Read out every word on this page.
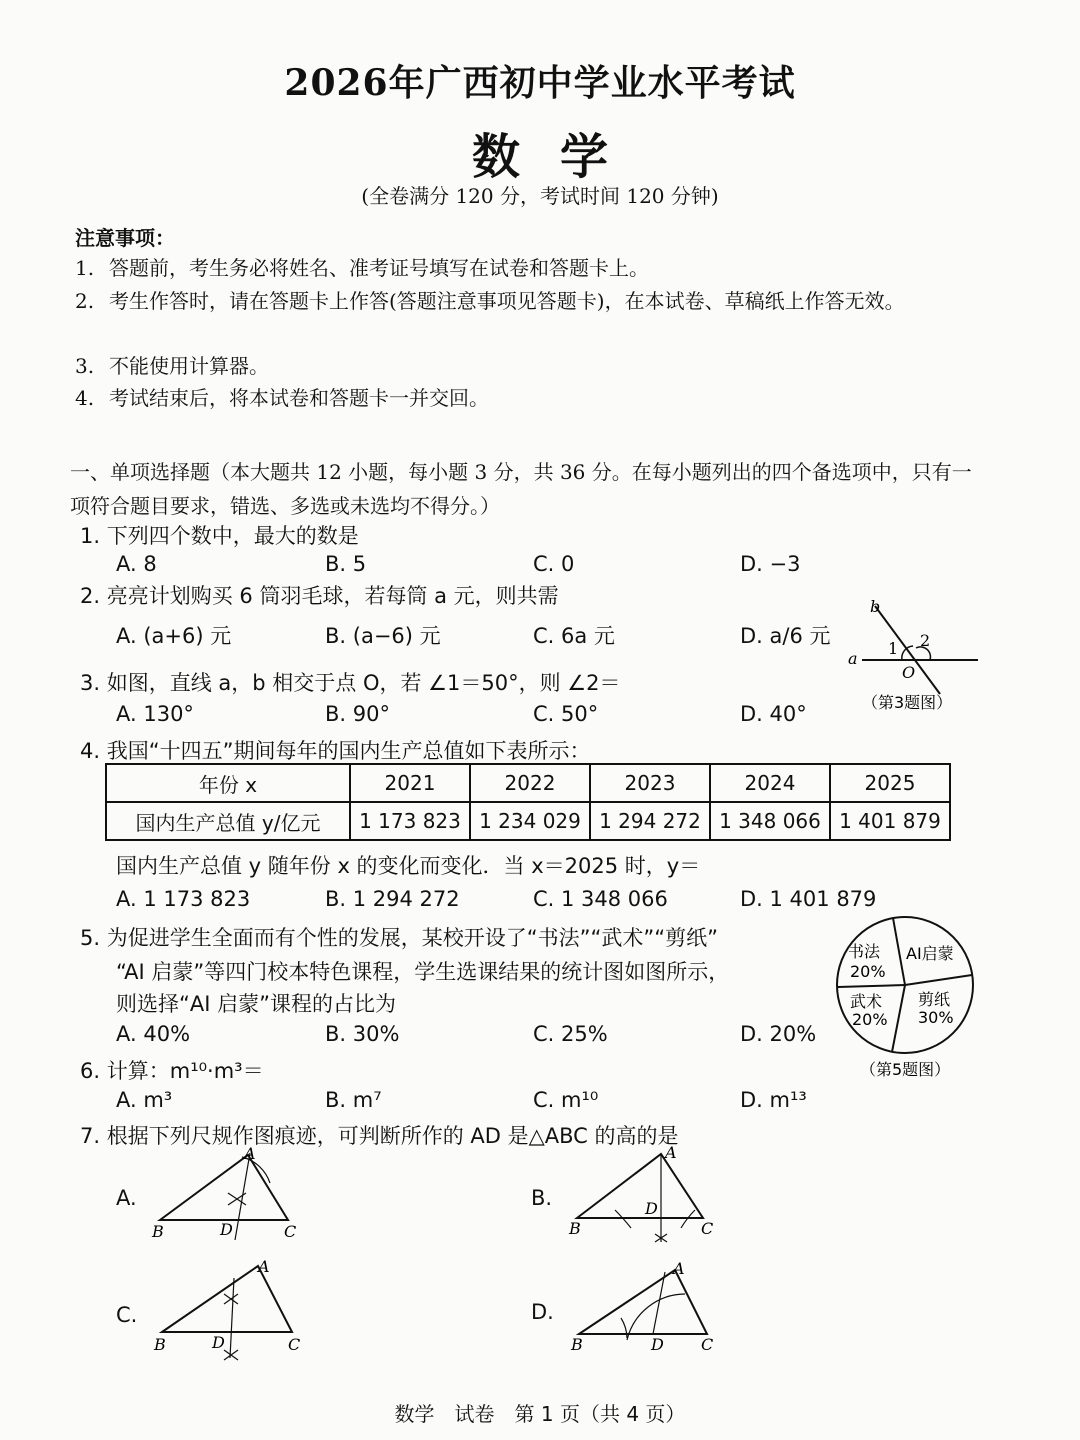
2026年广西初中学业水平考试
数学
(全卷满分 120 分，考试时间 120 分钟)
注意事项：
1. 答题前，考生务必将姓名、准考证号填写在试卷和答题卡上。
2. 考生作答时，请在答题卡上作答(答题注意事项见答题卡)，在本试卷、草稿纸上作答无效。
3. 不能使用计算器。
4. 考试结束后，将本试卷和答题卡一并交回。
一、单项选择题（本大题共 12 小题，每小题 3 分，共 36 分。在每小题列出的四个备选项中，只有一项符合题目要求，错选、多选或未选均不得分。）
1. 下列四个数中，最大的数是
A. 8	B. 5	C. 0	D. −3
2. 亮亮计划购买 6 筒羽毛球，若每筒 a 元，则共需
A. (a+6) 元	B. (a−6) 元	C. 6a 元	D. a/6 元
a
b
1 2
O
（第3题图）
3. 如图，直线 a，b 相交于点 O，若 ∠1＝50°，则 ∠2＝
A. 130°	B. 90°	C. 50°	D. 40°
4. 我国“十四五”期间每年的国内生产总值如下表所示：
年份 x	2021	2022	2023	2024	2025
国内生产总值 y/亿元	1 173 823	1 234 029	1 294 272	1 348 066	1 401 879
国内生产总值 y 随年份 x 的变化而变化．当 x＝2025 时，y＝
A. 1 173 823	B. 1 294 272	C. 1 348 066	D. 1 401 879
5. 为促进学生全面而有个性的发展，某校开设了“书法”“武术”“剪纸”
“AI 启蒙”等四门校本特色课程，学生选课结果的统计图如图所示，
则选择“AI 启蒙”课程的占比为
A. 40%	B. 30%	C. 25%	D. 20%
书法
20%
AI启蒙
武术
20%
剪纸
30%
（第5题图）
6. 计算：m¹⁰·m³＝
A. m³	B. m⁷	C. m¹⁰	D. m¹³
7. 根据下列尺规作图痕迹，可判断所作的 AD 是△ABC 的高的是
A.
A
B	C
D
B.
A
B	C
D
C.
A
B	C
D
D.
A
B	C
D
数学　试卷　第 1 页（共 4 页）
